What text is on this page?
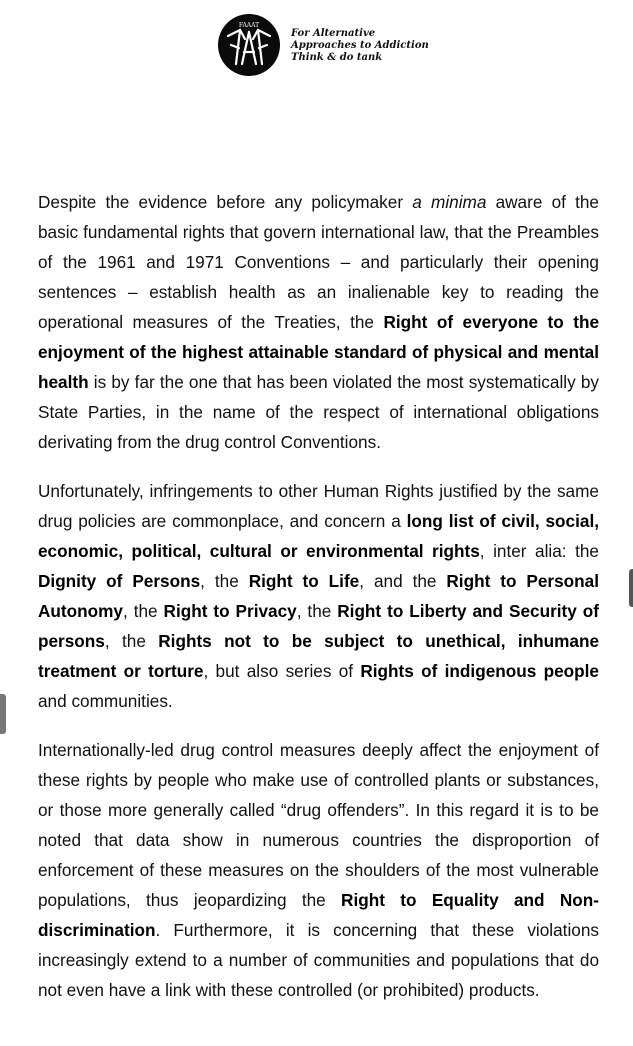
FAAAT
For Alternative
Approaches to Addiction
Think & do tank

Despite the evidence before any policymaker a minima aware of the basic fundamental rights that govern international law, that the Preambles of the 1961 and 1971 Conventions – and particularly their opening sentences – establish health as an inalienable key to reading the operational measures of the Treaties, the Right of everyone to the enjoyment of the highest attainable standard of physical and mental health is by far the one that has been violated the most systematically by State Parties, in the name of the respect of international obligations derivating from the drug control Conventions.

Unfortunately, infringements to other Human Rights justified by the same drug policies are commonplace, and concern a long list of civil, social, economic, political, cultural or environmental rights, inter alia: the Dignity of Persons, the Right to Life, and the Right to Personal Autonomy, the Right to Privacy, the Right to Liberty and Security of persons, the Rights not to be subject to unethical, inhumane treatment or torture, but also series of Rights of indigenous people and communities.

Internationally-led drug control measures deeply affect the enjoyment of these rights by people who make use of controlled plants or substances, or those more generally called “drug offenders”. In this regard it is to be noted that data show in numerous countries the disproportion of enforcement of these measures on the shoulders of the most vulnerable populations, thus jeopardizing the Right to Equality and Non-discrimination. Furthermore, it is concerning that these violations increasingly extend to a number of communities and populations that do not even have a link with these controlled (or prohibited) products.
